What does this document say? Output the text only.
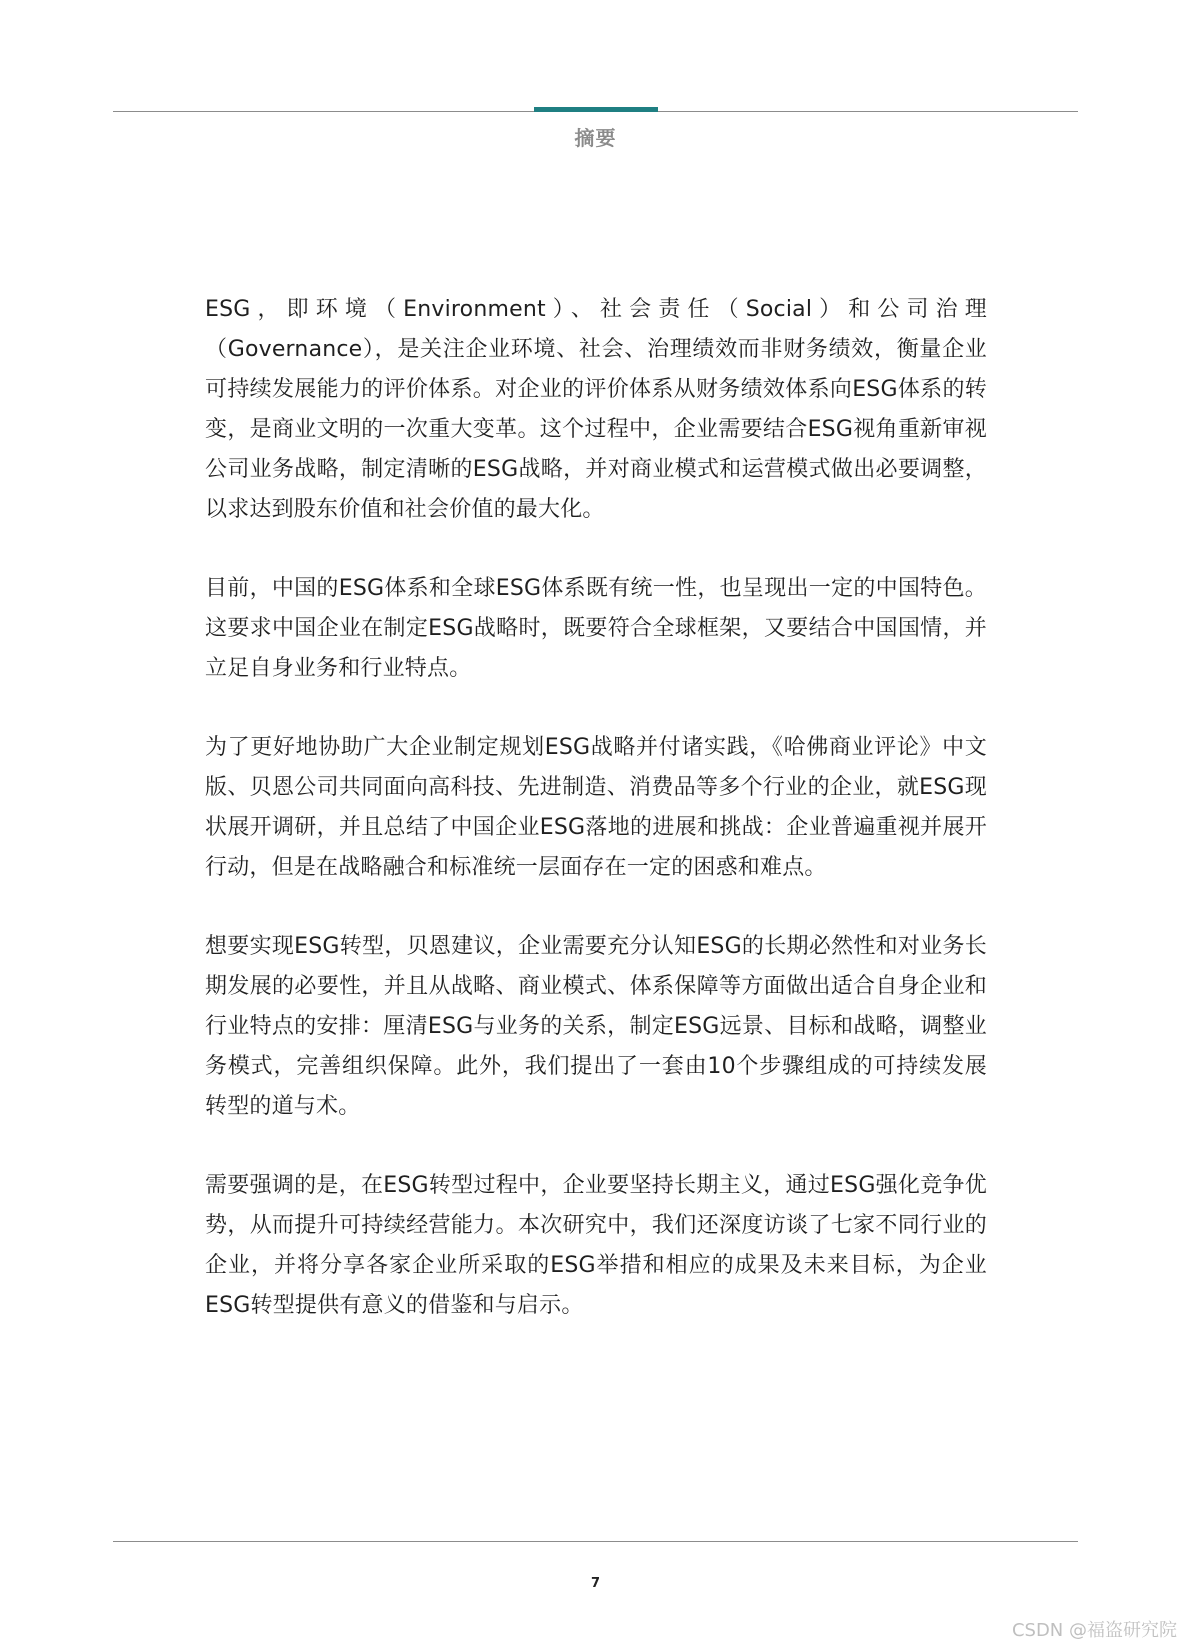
摘要

ESG，即环境（Environment）、社会责任（Social）和公司治理（Governance），是关注企业环境、社会、治理绩效而非财务绩效，衡量企业可持续发展能力的评价体系。对企业的评价体系从财务绩效体系向ESG体系的转变，是商业文明的一次重大变革。这个过程中，企业需要结合ESG视角重新审视公司业务战略，制定清晰的ESG战略，并对商业模式和运营模式做出必要调整，以求达到股东价值和社会价值的最大化。

目前，中国的ESG体系和全球ESG体系既有统一性，也呈现出一定的中国特色。这要求中国企业在制定ESG战略时，既要符合全球框架，又要结合中国国情，并立足自身业务和行业特点。

为了更好地协助广大企业制定规划ESG战略并付诸实践，《哈佛商业评论》中文版、贝恩公司共同面向高科技、先进制造、消费品等多个行业的企业，就ESG现状展开调研，并且总结了中国企业ESG落地的进展和挑战：企业普遍重视并展开行动，但是在战略融合和标准统一层面存在一定的困惑和难点。

想要实现ESG转型，贝恩建议，企业需要充分认知ESG的长期必然性和对业务长期发展的必要性，并且从战略、商业模式、体系保障等方面做出适合自身企业和行业特点的安排：厘清ESG与业务的关系，制定ESG远景、目标和战略，调整业务模式，完善组织保障。此外，我们提出了一套由10个步骤组成的可持续发展转型的道与术。

需要强调的是，在ESG转型过程中，企业要坚持长期主义，通过ESG强化竞争优势，从而提升可持续经营能力。本次研究中，我们还深度访谈了七家不同行业的企业，并将分享各家企业所采取的ESG举措和相应的成果及未来目标，为企业ESG转型提供有意义的借鉴和与启示。

7
CSDN @福盗研究院
